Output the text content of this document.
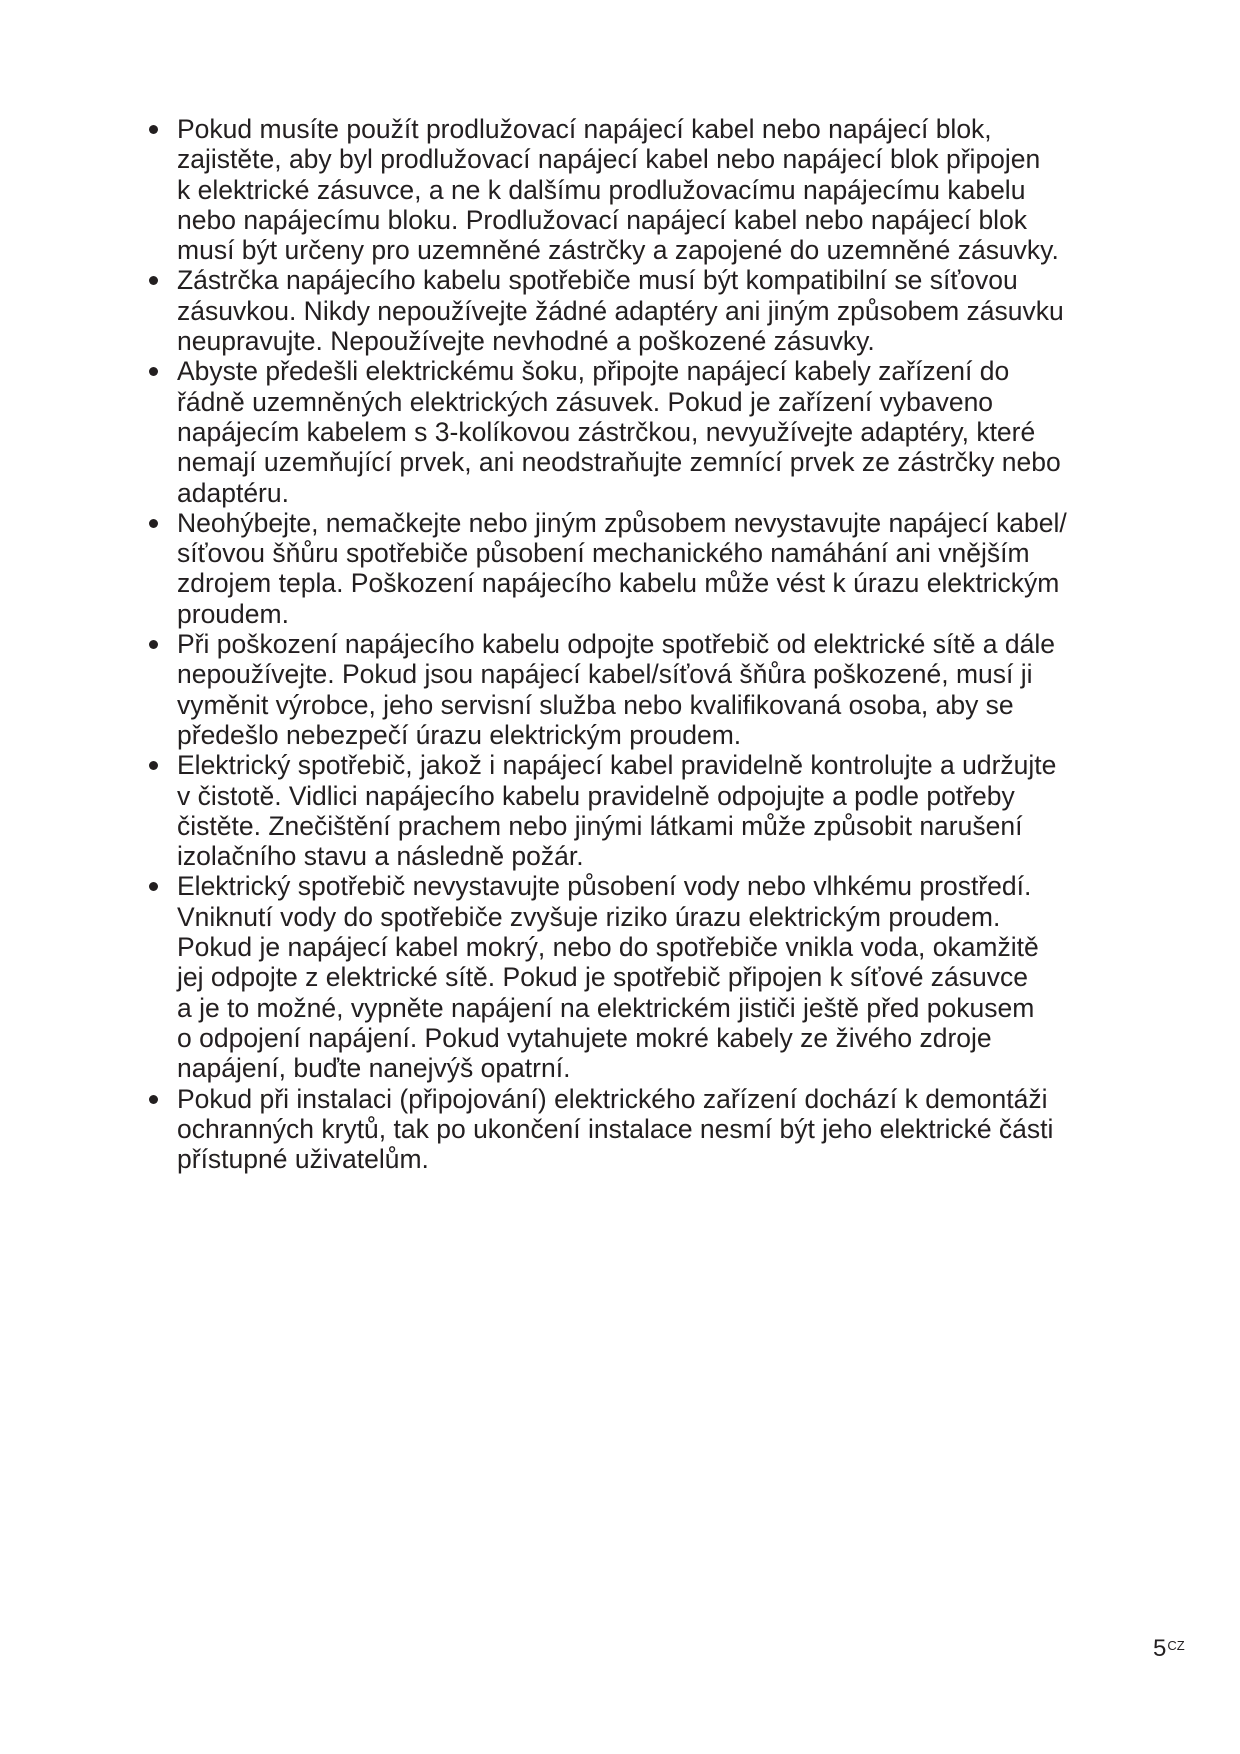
Pokud musíte použít prodlužovací napájecí kabel nebo napájecí blok,
zajistěte, aby byl prodlužovací napájecí kabel nebo napájecí blok připojen
k elektrické zásuvce, a ne k dalšímu prodlužovacímu napájecímu kabelu
nebo napájecímu bloku. Prodlužovací napájecí kabel nebo napájecí blok
musí být určeny pro uzemněné zástrčky a zapojené do uzemněné zásuvky.
Zástrčka napájecího kabelu spotřebiče musí být kompatibilní se síťovou
zásuvkou. Nikdy nepoužívejte žádné adaptéry ani jiným způsobem zásuvku
neupravujte. Nepoužívejte nevhodné a poškozené zásuvky.
Abyste předešli elektrickému šoku, připojte napájecí kabely zařízení do
řádně uzemněných elektrických zásuvek. Pokud je zařízení vybaveno
napájecím kabelem s 3-kolíkovou zástrčkou, nevyužívejte adaptéry, které
nemají uzemňující prvek, ani neodstraňujte zemnící prvek ze zástrčky nebo
adaptéru.
Neohýbejte, nemačkejte nebo jiným způsobem nevystavujte napájecí kabel/
síťovou šňůru spotřebiče působení mechanického namáhání ani vnějším
zdrojem tepla. Poškození napájecího kabelu může vést k úrazu elektrickým
proudem.
Při poškození napájecího kabelu odpojte spotřebič od elektrické sítě a dále
nepoužívejte. Pokud jsou napájecí kabel/síťová šňůra poškozené, musí ji
vyměnit výrobce, jeho servisní služba nebo kvalifikovaná osoba, aby se
předešlo nebezpečí úrazu elektrickým proudem.
Elektrický spotřebič, jakož i napájecí kabel pravidelně kontrolujte a udržujte
v čistotě. Vidlici napájecího kabelu pravidelně odpojujte a podle potřeby
čistěte. Znečištění prachem nebo jinými látkami může způsobit narušení
izolačního stavu a následně požár.
Elektrický spotřebič nevystavujte působení vody nebo vlhkému prostředí.
Vniknutí vody do spotřebiče zvyšuje riziko úrazu elektrickým proudem.
Pokud je napájecí kabel mokrý, nebo do spotřebiče vnikla voda, okamžitě
jej odpojte z elektrické sítě. Pokud je spotřebič připojen k síťové zásuvce
a je to možné, vypněte napájení na elektrickém jističi ještě před pokusem
o odpojení napájení. Pokud vytahujete mokré kabely ze živého zdroje
napájení, buďte nanejvýš opatrní.
Pokud při instalaci (připojování) elektrického zařízení dochází k demontáži
ochranných krytů, tak po ukončení instalace nesmí být jeho elektrické části
přístupné uživatelům.
$5^{CZ}$
